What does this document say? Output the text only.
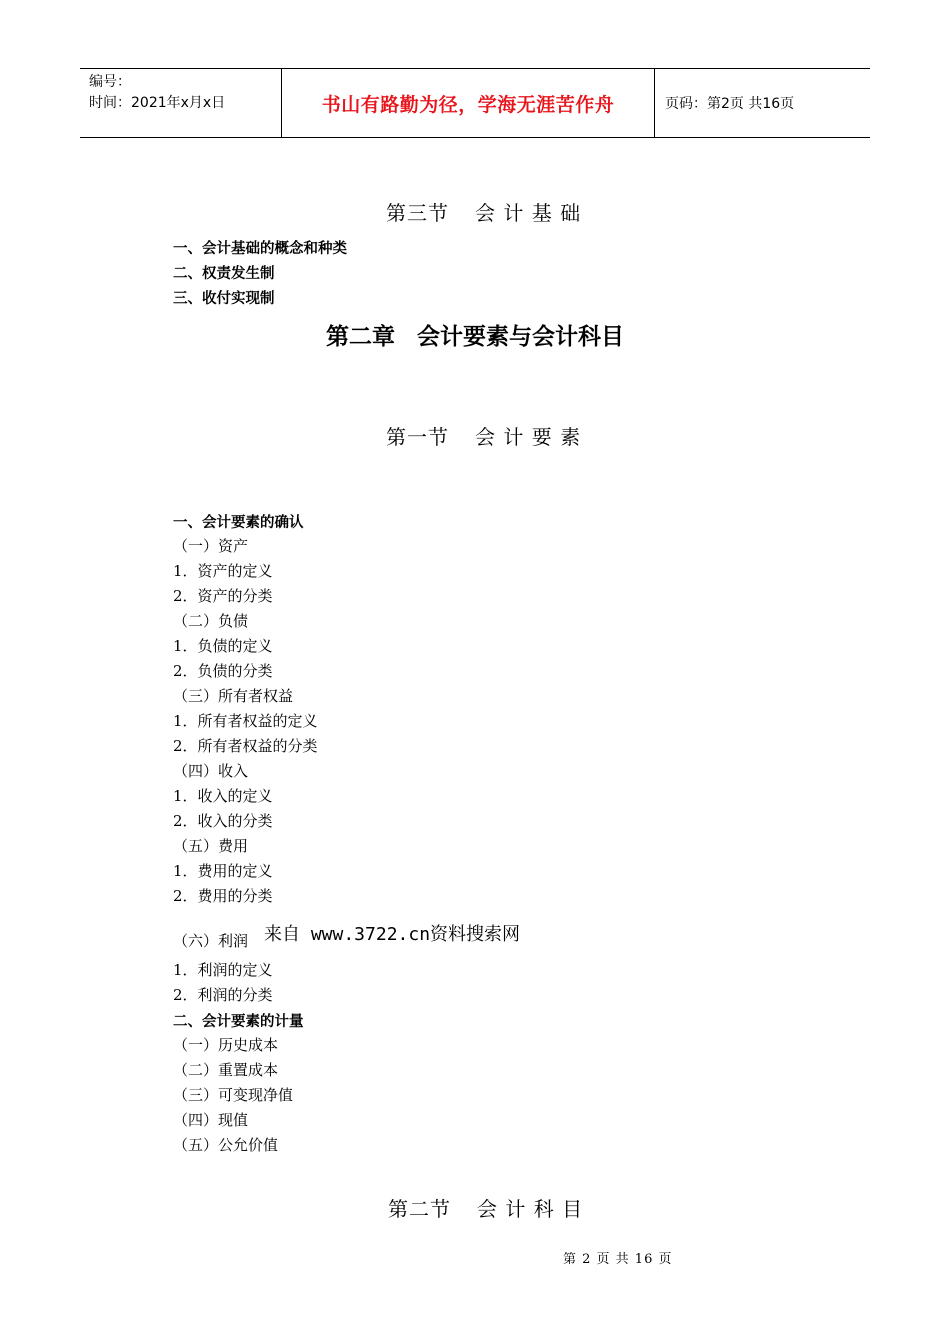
编号：
时间：2021年x月x日	书山有路勤为径，学海无涯苦作舟	页码：第2页 共16页
第三节 会 计 基 础
一、会计基础的概念和种类
二、权责发生制
三、收付实现制
第二章 会计要素与会计科目
第一节 会 计 要 素
一、会计要素的确认
（一）资产
1．资产的定义
2．资产的分类
（二）负债
1．负债的定义
2．负债的分类
（三）所有者权益
1．所有者权益的定义
2．所有者权益的分类
（四）收入
1．收入的定义
2．收入的分类
（五）费用
1．费用的定义
2．费用的分类
（六）利润 来自 www.3722.cn资料搜索网
1．利润的定义
2．利润的分类
二、会计要素的计量
（一）历史成本
（二）重置成本
（三）可变现净值
（四）现值
（五）公允价值
第二节 会 计 科 目
第 2 页 共 16 页
